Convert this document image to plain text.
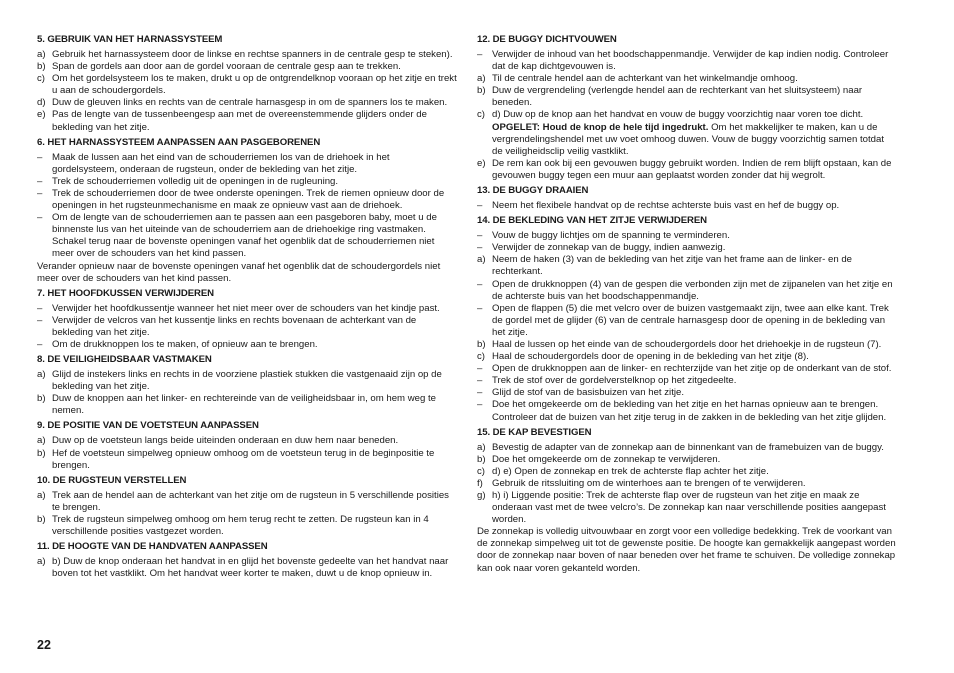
5. GEBRUIK VAN HET HARNASSYSTEEM
a) Gebruik het harnassysteem door de linkse en rechtse spanners in de centrale gesp te steken).
b) Span de gordels aan door aan de gordel vooraan de centrale gesp aan te trekken.
c) Om het gordelsysteem los te maken, drukt u op de ontgrendelknop vooraan op het zitje en trekt u aan de schoudergordels.
d) Duw de gleuven links en rechts van de centrale harnasgesp in om de spanners los te maken.
e) Pas de lengte van de tussenbeengesp aan met de overeenstemmende glijders onder de bekleding van het zitje.
6. HET HARNASSYSTEEM AANPASSEN AAN PASGEBORENEN
–	Maak de lussen aan het eind van de schouderriemen los van de driehoek in het gordelsysteem, onderaan de rugsteun, onder de bekleding van het zitje.
–	Trek de schouderriemen volledig uit de openingen in de rugleuning.
–	Trek de schouderriemen door de twee onderste openingen. Trek de riemen opnieuw door de openingen in het rugsteunmechanisme en maak ze opnieuw vast aan de driehoek.
–	Om de lengte van de schouderriemen aan te passen aan een pasgeboren baby, moet u de binnenste lus van het uiteinde van de schouderriem aan de driehoekige ring vastmaken. Schakel terug naar de bovenste openingen vanaf het ogenblik dat de schouderriemen niet meer over de schouders van het kind passen.

Verander opnieuw naar de bovenste openingen vanaf het ogenblik dat de schoudergordels niet meer over de schouders van het kind passen.

7. HET HOOFDKUSSEN VERWIJDEREN
–	Verwijder het hoofdkussentje wanneer het niet meer over de schouders van het kindje past.
–	Verwijder de velcros van het kussentje links en rechts bovenaan de achterkant van de bekleding van het zitje.
–	Om de drukknoppen los te maken, of opnieuw aan te brengen.
8. DE VEILIGHEIDSBAAR VASTMAKEN
a) Glijd de instekers links en rechts in de voorziene plastiek stukken die vastgenaaid zijn op de bekleding van het zitje.
b) Duw de knoppen aan het linker- en rechtereinde van de veiligheidsbaar in, om hem weg te nemen.
9. DE POSITIE VAN DE VOETSTEUN AANPASSEN
a) Duw op de voetsteun langs beide uiteinden onderaan en duw hem naar beneden.
b) Hef de voetsteun simpelweg opnieuw omhoog om de voetsteun terug in de beginpositie te brengen.
10. DE RUGSTEUN VERSTELLEN
a) Trek aan de hendel aan de achterkant van het zitje om de rugsteun in 5 verschillende posities te brengen.
b) Trek de rugsteun simpelweg omhoog om hem terug recht te zetten. De rugsteun kan in 4 verschillende posities vastgezet worden.
11. DE HOOGTE VAN DE HANDVATEN AANPASSEN
a) b) Duw de knop onderaan het handvat in en glijd het bovenste gedeelte van het handvat naar boven tot het vastklikt. Om het handvat weer korter te maken, duwt u de knop opnieuw in.
12. DE BUGGY DICHTVOUWEN
–	Verwijder de inhoud van het boodschappenmandje. Verwijder de kap indien nodig. Controleer dat de kap dichtgevouwen is.
a) Til de centrale hendel aan de achterkant van het winkelmandje omhoog.
b) Duw de vergrendeling (verlengde hendel aan de rechterkant van het sluitsysteem) naar beneden.
c) d) Duw op de knop aan het handvat en vouw de buggy voorzichtig naar voren toe dicht. OPGELET: Houd de knop de hele tijd ingedrukt. Om het makkelijker te maken, kan u de vergrendelingshendel met uw voet omhoog duwen. Vouw de buggy voorzichtig samen totdat de veiligheidsclip veilig vastklikt.
e) De rem kan ook bij een gevouwen buggy gebruikt worden. Indien de rem blijft opstaan, kan de gevouwen buggy tegen een muur aan geplaatst worden zonder dat hij wegrolt.
13. DE BUGGY DRAAIEN
–	Neem het flexibele handvat op de rechtse achterste buis vast en hef de buggy op.
14. DE BEKLEDING VAN HET ZITJE VERWIJDEREN
–	Vouw de buggy lichtjes om de spanning te verminderen.
–	Verwijder de zonnekap van de buggy, indien aanwezig.
a) Neem de haken (3) van de bekleding van het zitje van het frame aan de linker- en de rechterkant.
–	Open de drukknoppen (4) van de gespen die verbonden zijn met de zijpanelen van het zitje en de achterste buis van het boodschappenmandje.
–	Open de flappen (5) die met velcro over de buizen vastgemaakt zijn, twee aan elke kant. Trek de gordel met de glijder (6) van de centrale harnasgesp door de opening in de bekleding van het zitje.
b) Haal de lussen op het einde van de schoudergordels door het driehoekje in de rugsteun (7).
c) Haal de schoudergordels door de opening in de bekleding van het zitje (8).
–	Open de drukknoppen aan de linker- en rechterzijde van het zitje op de onderkant van de stof.
–	Trek de stof over de gordelverstelknop op het zitgedeelte.
–	Glijd de stof van de basisbuizen van het zitje.
–	Doe het omgekeerde om de bekleding van het zitje en het harnas opnieuw aan te brengen. Controleer dat de buizen van het zitje terug in de zakken in de bekleding van het zitje glijden.
15. DE KAP BEVESTIGEN
a) Bevestig de adapter van de zonnekap aan de binnenkant van de framebuizen van de buggy.
b) Doe het omgekeerde om de zonnekap te verwijderen.
c) d) e) Open de zonnekap en trek de achterste flap achter het zitje.
f) Gebruik de ritssluiting om de winterhoes aan te brengen of te verwijderen.
g) h) i) Liggende positie: Trek de achterste flap over de rugsteun van het zitje en maak ze onderaan vast met de twee velcro’s. De zonnekap kan naar verschillende posities aangepast worden.

De zonnekap is volledig uitvouwbaar en zorgt voor een volledige bedekking. Trek de voorkant van de zonnekap simpelweg uit tot de gewenste positie. De hoogte kan gemakkelijk aangepast worden door de zonnekap naar boven of naar beneden over het frame te schuiven. De volledige zonnekap kan ook naar voren gekanteld worden.

22
